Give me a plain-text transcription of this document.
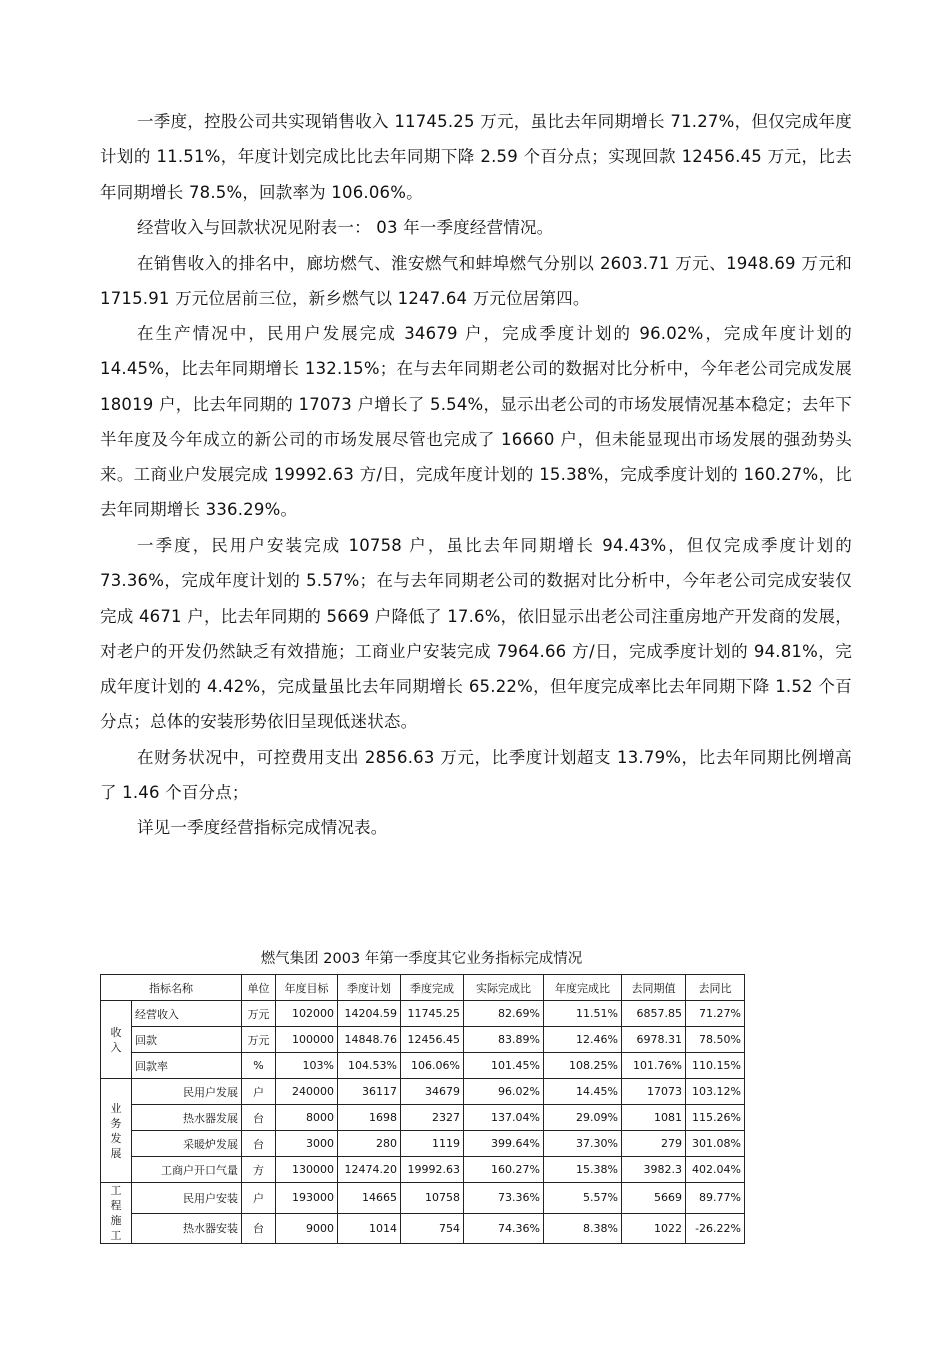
一季度，控股公司共实现销售收入 11745.25 万元，虽比去年同期增长 71.27%，但仅完成年度计划的 11.51%，年度计划完成比比去年同期下降 2.59 个百分点；实现回款 12456.45 万元，比去年同期增长 78.5%，回款率为 106.06%。

经营收入与回款状况见附表一： 03 年一季度经营情况。

在销售收入的排名中，廊坊燃气、淮安燃气和蚌埠燃气分别以 2603.71 万元、1948.69 万元和 1715.91 万元位居前三位，新乡燃气以 1247.64 万元位居第四。

在生产情况中，民用户发展完成 34679 户，完成季度计划的 96.02%，完成年度计划的 14.45%，比去年同期增长 132.15%；在与去年同期老公司的数据对比分析中，今年老公司完成发展 18019 户，比去年同期的 17073 户增长了 5.54%，显示出老公司的市场发展情况基本稳定；去年下半年度及今年成立的新公司的市场发展尽管也完成了 16660 户，但未能显现出市场发展的强劲势头来。工商业户发展完成 19992.63 方/日，完成年度计划的 15.38%，完成季度计划的 160.27%，比去年同期增长 336.29%。

一季度，民用户安装完成 10758 户，虽比去年同期增长 94.43%，但仅完成季度计划的 73.36%，完成年度计划的 5.57%；在与去年同期老公司的数据对比分析中，今年老公司完成安装仅完成 4671 户，比去年同期的 5669 户降低了 17.6%，依旧显示出老公司注重房地产开发商的发展，对老户的开发仍然缺乏有效措施；工商业户安装完成 7964.66 方/日，完成季度计划的 94.81%，完成年度计划的 4.42%，完成量虽比去年同期增长 65.22%，但年度完成率比去年同期下降 1.52 个百分点；总体的安装形势依旧呈现低迷状态。

在财务状况中，可控费用支出 2856.63 万元，比季度计划超支 13.79%，比去年同期比例增高了 1.46 个百分点；

详见一季度经营指标完成情况表。

燃气集团 2003 年第一季度其它业务指标完成情况
指标名称		单位	年度目标	季度计划	季度完成	实际完成比	年度完成比	去同期值	去同比

收入	经营收入	万元	102000	14204.59	11745.25	82.69%	11.51%	6857.85	71.27%
	回款	万元	100000	14848.76	12456.45	83.89%	12.46%	6978.31	78.50%
	回款率	%	103%	104.53%	106.06%	101.45%	108.25%	101.76%	110.15%

业务发展	民用户发展	户	240000	36117	34679	96.02%	14.45%	17073	103.12%
	热水器发展	台	8000	1698	2327	137.04%	29.09%	1081	115.26%
	采暖炉发展	台	3000	280	1119	399.64%	37.30%	279	301.08%
	工商户开口气量	方	130000	12474.20	19992.63	160.27%	15.38%	3982.3	402.04%

工程施工	民用户安装	户	193000	14665	10758	73.36%	5.57%	5669	89.77%
	热水器安装	台	9000	1014	754	74.36%	8.38%	1022	-26.22%
